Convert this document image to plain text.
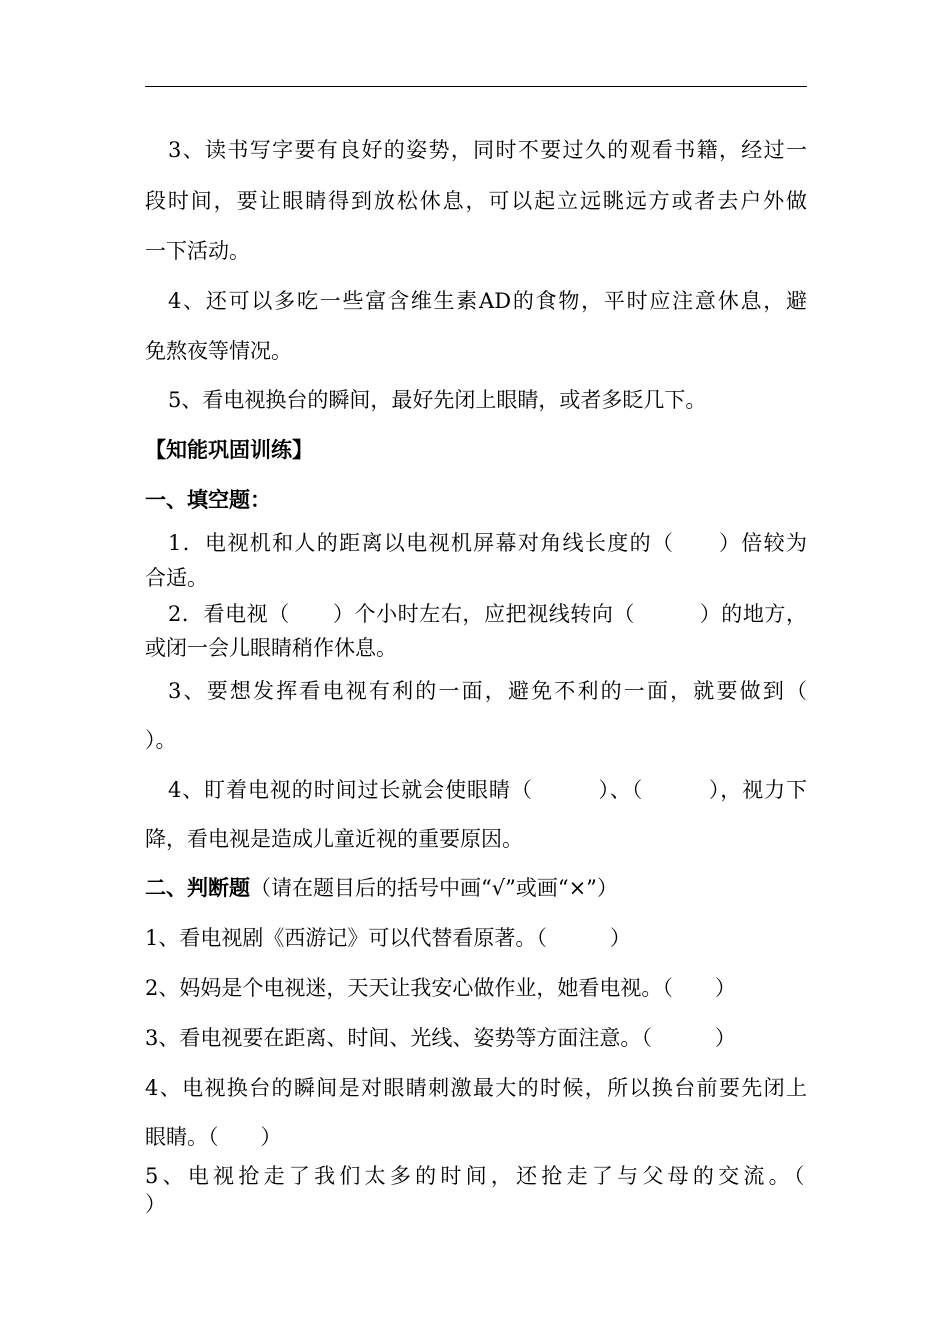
3、读书写字要有良好的姿势，同时不要过久的观看书籍，经过一
段时间，要让眼睛得到放松休息，可以起立远眺远方或者去户外做
一下活动。
4、还可以多吃一些富含维生素AD的食物，平时应注意休息，避
免熬夜等情况。
5、看电视换台的瞬间，最好先闭上眼睛，或者多眨几下。
【知能巩固训练】
一、填空题：
1．电视机和人的距离以电视机屏幕对角线长度的（　　）倍较为
合适。
2．看电视（　　）个小时左右，应把视线转向（　　　）的地方，
或闭一会儿眼睛稍作休息。
3、要想发挥看电视有利的一面，避免不利的一面，就要做到（
）。
4、盯着电视的时间过长就会使眼睛（　　　）、（　　　），视力下
降，看电视是造成儿童近视的重要原因。
二、判断题（请在题目后的括号中画“√”或画“×”）
1、看电视剧《西游记》可以代替看原著。（　　　）
2、妈妈是个电视迷，天天让我安心做作业，她看电视。（　　）
3、看电视要在距离、时间、光线、姿势等方面注意。（　　　）
4、电视换台的瞬间是对眼睛刺激最大的时候，所以换台前要先闭上
眼睛。（　　）
5、电视抢走了我们太多的时间，还抢走了与父母的交流。（
）
